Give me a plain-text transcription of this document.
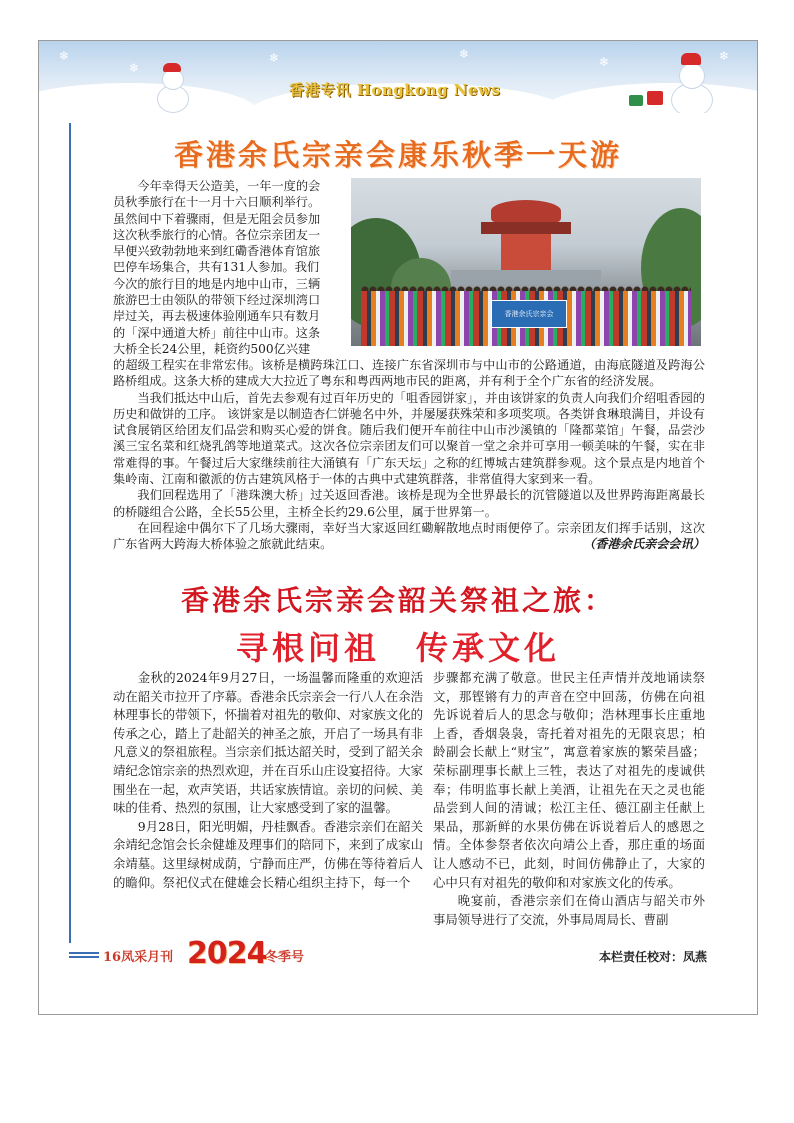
❄
❄
❄	❄
❄	❄
香港专讯 Hongkong News
香港余氏宗亲会康乐秋季一天游
今年幸得天公造美，一年一度的会
员秋季旅行在十一月十六日顺利举行。
虽然间中下着骤雨，但是无阻会员参加
这次秋季旅行的心情。各位宗亲团友一
早便兴致勃勃地来到红磡香港体育馆旅
巴停车场集合，共有131人参加。我们
今次的旅行目的地是内地中山市，三辆
旅游巴士由领队的带领下经过深圳湾口
岸过关，再去极速体验刚通车只有数月
的「深中通道大桥」前往中山市。这条
大桥全长24公里，耗资约500亿兴建
香港余氏宗亲会

的超级工程实在非常宏伟。该桥是横跨珠江口、连接广东省深圳市与中山市的公路通道，由海底隧道及跨海公路桥组成。这条大桥的建成大大拉近了粤东和粤西两地市民的距离，并有利于全个广东省的经济发展。

当我们抵达中山后，首先去参观有过百年历史的「咀香园饼家」，并由该饼家的负责人向我们介绍咀香园的历史和做饼的工序。 该饼家是以制造杏仁饼驰名中外，并屡屡获殊荣和多项奖项。各类饼食琳琅满目，并设有试食展销区给团友们品尝和购买心爱的饼食。随后我们便开车前往中山市沙溪镇的「隆都菜馆」午餐，品尝沙溪三宝名菜和红烧乳鸽等地道菜式。这次各位宗亲团友们可以聚首一堂之余并可享用一顿美味的午餐，实在非常难得的事。午餐过后大家继续前往大涌镇有「广东天坛」之称的红博城古建筑群参观。这个景点是内地首个集岭南、江南和徽派的仿古建筑风格于一体的古典中式建筑群落，非常值得大家到来一看。

我们回程选用了「港珠澳大桥」过关返回香港。该桥是现为全世界最长的沉管隧道以及世界跨海距离最长的桥隧组合公路，全长55公里，主桥全长约29.6公里，属于世界第一。

在回程途中偶尔下了几场大骤雨，幸好当大家返回红磡解散地点时雨便停了。宗亲团友们挥手话别，这次广东省两大跨海大桥体验之旅就此结束。	（香港余氏亲会会讯）

香港余氏宗亲会韶关祭祖之旅：
寻根问祖　传承文化

金秋的2024年9月27日，一场温馨而隆重的欢迎活动在韶关市拉开了序幕。香港余氏宗亲会一行八人在余浩林理事长的带领下，怀揣着对祖先的敬仰、对家族文化的传承之心，踏上了赴韶关的神圣之旅，开启了一场具有非凡意义的祭祖旅程。当宗亲们抵达韶关时，受到了韶关余靖纪念馆宗亲的热烈欢迎，并在百乐山庄设宴招待。大家围坐在一起，欢声笑语，共话家族情谊。亲切的问候、美味的佳肴、热烈的氛围，让大家感受到了家的温馨。

9月28日，阳光明媚，丹桂飘香。香港宗亲们在韶关余靖纪念馆会长余健雄及理事们的陪同下，来到了成家山余靖墓。这里绿树成荫，宁静而庄严，仿佛在等待着后人的瞻仰。祭祀仪式在健雄会长精心组织主持下，每一个

步骤都充满了敬意。世民主任声情并茂地诵读祭文，那铿锵有力的声音在空中回荡，仿佛在向祖先诉说着后人的思念与敬仰；浩林理事长庄重地上香，香烟袅袅，寄托着对祖先的无限哀思；柏龄副会长献上“财宝”，寓意着家族的繁荣昌盛；荣标副理事长献上三牲，表达了对祖先的虔诚供奉；伟明监事长献上美酒，让祖先在天之灵也能品尝到人间的清诚；松江主任、德江副主任献上果品，那新鲜的水果仿佛在诉说着后人的感恩之情。全体参祭者依次向靖公上香，那庄重的场面让人感动不已，此刻，时间仿佛静止了，大家的心中只有对祖先的敬仰和对家族文化的传承。

晚宴前，香港宗亲们在倚山酒店与韶关市外事局领导进行了交流，外事局周局长、曹副

16凤采月刊 2024
冬季号	本栏责任校对：凤燕
